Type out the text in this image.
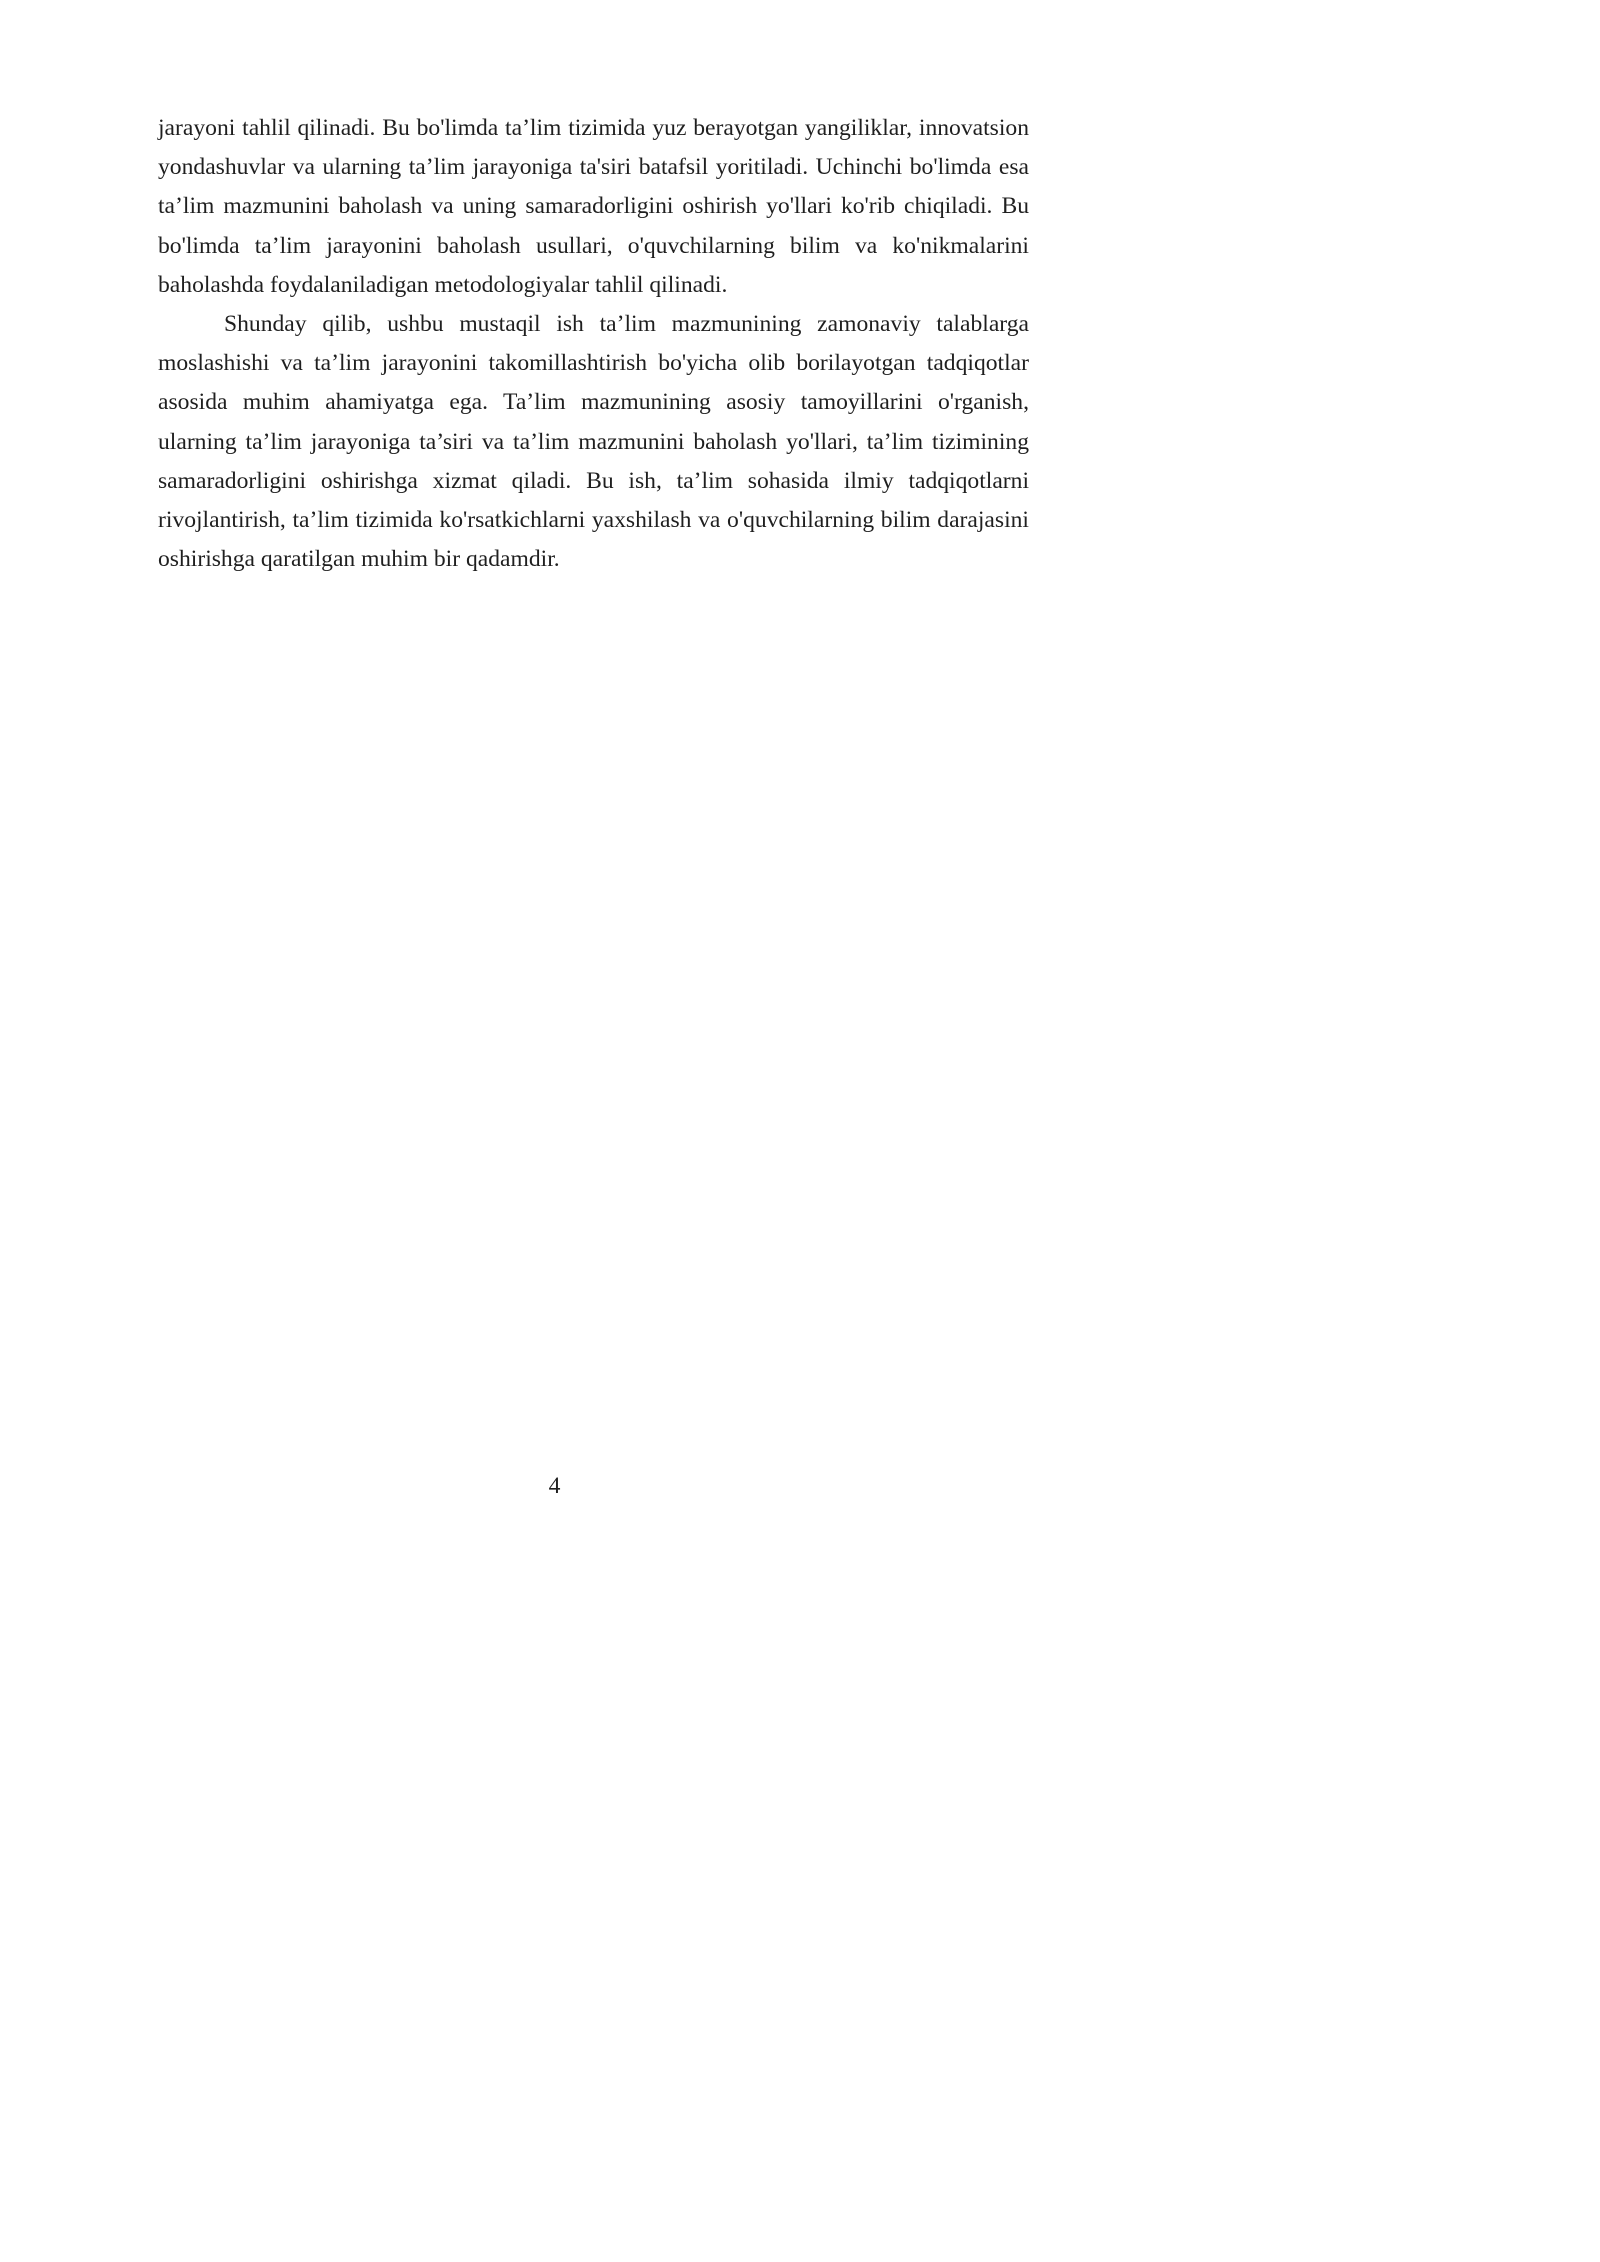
jarayoni tahlil qilinadi. Bu bo'limda ta’lim tizimida yuz berayotgan yangiliklar, innovatsion yondashuvlar va ularning ta’lim jarayoniga ta'siri batafsil yoritiladi. Uchinchi bo'limda esa ta’lim mazmunini baholash va uning samaradorligini oshirish yo'llari ko'rib chiqiladi. Bu bo'limda ta’lim jarayonini baholash usullari, o'quvchilarning bilim va ko'nikmalarini baholashda foydalaniladigan metodologiyalar tahlil qilinadi.

Shunday qilib, ushbu mustaqil ish ta’lim mazmunining zamonaviy talablarga moslashishi va ta’lim jarayonini takomillashtirish bo'yicha olib borilayotgan tadqiqotlar asosida muhim ahamiyatga ega. Ta’lim mazmunining asosiy tamoyillarini o'rganish, ularning ta’lim jarayoniga ta’siri va ta’lim mazmunini baholash yo'llari, ta’lim tizimining samaradorligini oshirishga xizmat qiladi. Bu ish, ta’lim sohasida ilmiy tadqiqotlarni rivojlantirish, ta’lim tizimida ko'rsatkichlarni yaxshilash va o'quvchilarning bilim darajasini oshirishga qaratilgan muhim bir qadamdir.

4
